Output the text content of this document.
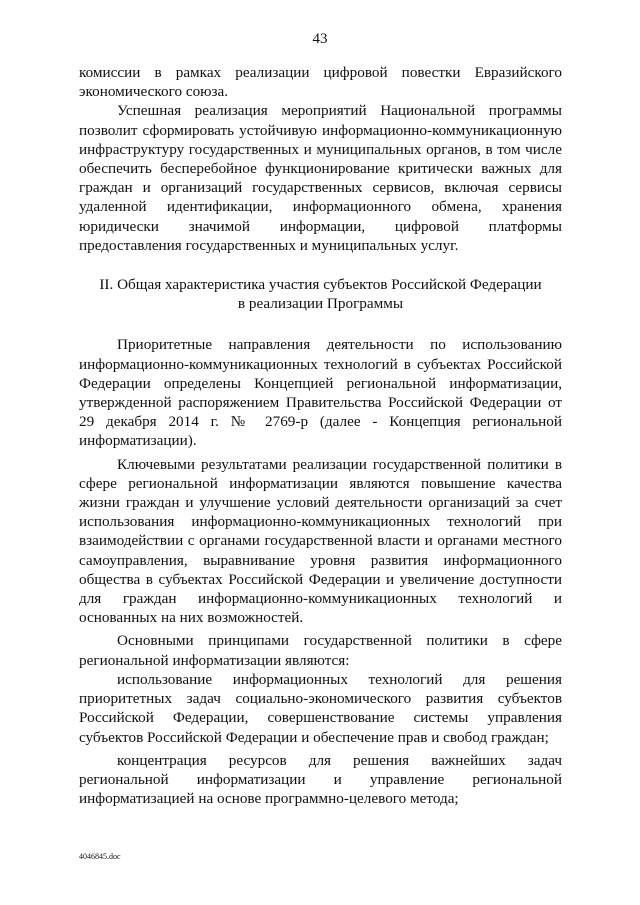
43

комиссии в рамках реализации цифровой повестки Евразийского экономического союза.

Успешная реализация мероприятий Национальной программы позволит сформировать устойчивую информационно-коммуникационную инфраструктуру государственных и муниципальных органов, в том числе обеспечить бесперебойное функционирование критически важных для граждан и организаций государственных сервисов, включая сервисы удаленной идентификации, информационного обмена, хранения юридически значимой информации, цифровой платформы предоставления государственных и муниципальных услуг.

II. Общая характеристика участия субъектов Российской Федерации
в реализации Программы

Приоритетные направления деятельности по использованию информационно-коммуникационных технологий в субъектах Российской Федерации определены Концепцией региональной информатизации, утвержденной распоряжением Правительства Российской Федерации от 29 декабря 2014 г. № 2769-р (далее - Концепция региональной информатизации).

Ключевыми результатами реализации государственной политики в сфере региональной информатизации являются повышение качества жизни граждан и улучшение условий деятельности организаций за счет использования информационно-коммуникационных технологий при взаимодействии с органами государственной власти и органами местного самоуправления, выравнивание уровня развития информационного общества в субъектах Российской Федерации и увеличение доступности для граждан информационно-коммуникационных технологий и основанных на них возможностей.

Основными принципами государственной политики в сфере региональной информатизации являются:

использование информационных технологий для решения приоритетных задач социально-экономического развития субъектов Российской Федерации, совершенствование системы управления субъектов Российской Федерации и обеспечение прав и свобод граждан;

концентрация ресурсов для решения важнейших задач региональной информатизации и управление региональной информатизацией на основе программно-целевого метода;

4046845.doc
